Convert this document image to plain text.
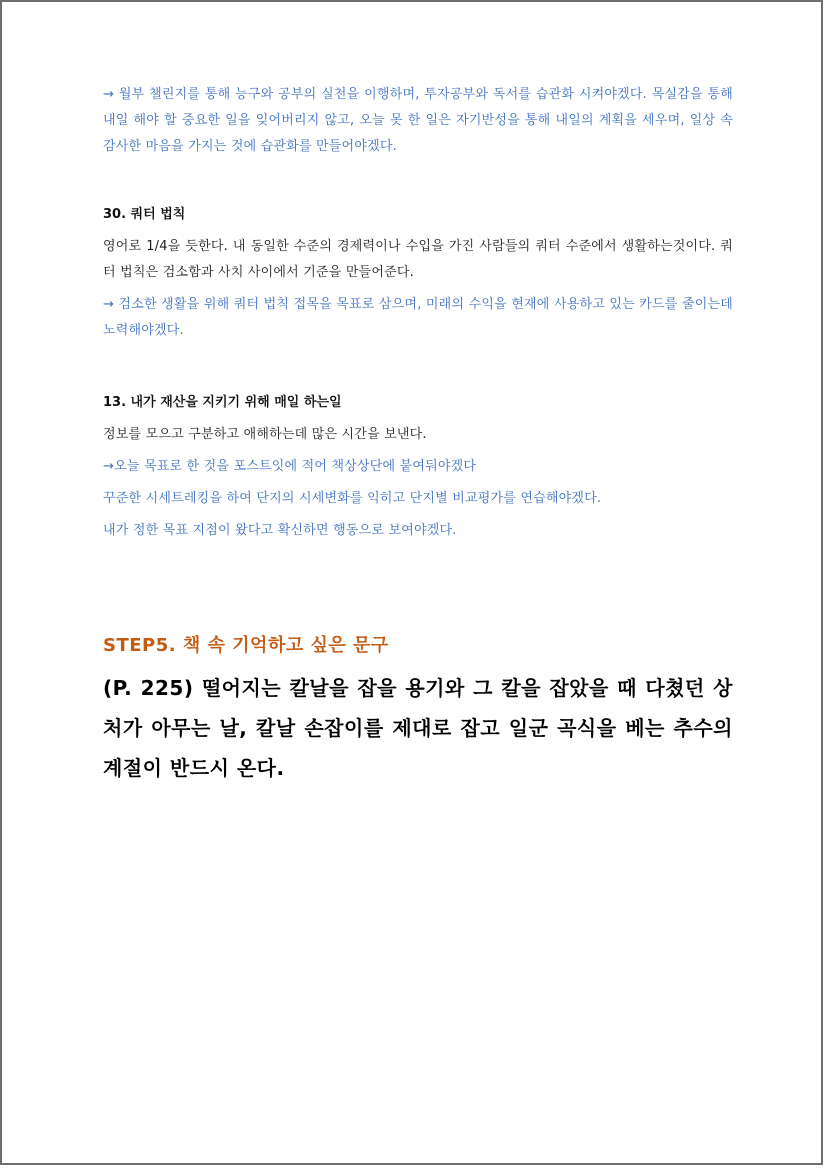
→ 월부 챌린지를 통해 능구와 공부의 실천을 이행하며, 투자공부와 독서를 습관화 시켜야겠다. 목실감을 통해 내일 해야 할 중요한 일을 잊어버리지 않고, 오늘 못 한 일은 자기반성을 통해 내일의 계획을 세우며, 일상 속 감사한 마음을 가지는 것에 습관화를 만들어야겠다.

30. 쿼터 법칙

영어로 1/4을 듯한다. 내 동일한 수준의 경제력이나 수입을 가진 사람들의 쿼터 수준에서 생활하는것이다. 쿼터 법칙은 검소함과 사치 사이에서 기준을 만들어준다.

→ 검소한 생활을 위해 쿼터 법칙 접목을 목표로 삼으며, 미래의 수익을 현재에 사용하고 있는 카드를 줄이는데 노력해야겠다.

13. 내가 재산을 지키기 위해 매일 하는일

정보를 모으고 구분하고 애해하는데 많은 시간을 보낸다.

→오늘 목표로 한 것을 포스트잇에 적어 책상상단에 붙여둬야겠다

꾸준한 시세트레킹을 하여 단지의 시세변화를 익히고 단지별 비교평가를 연습해야겠다.

내가 정한 목표 지점이 왔다고 확신하면 행동으로 보여야겠다.

STEP5. 책 속 기억하고 싶은 문구

(P. 225) 떨어지는 칼날을 잡을 용기와 그 칼을 잡았을 때 다쳤던 상처가 아무는 날, 칼날 손잡이를 제대로 잡고 일군 곡식을 베는 추수의 계절이 반드시 온다.
